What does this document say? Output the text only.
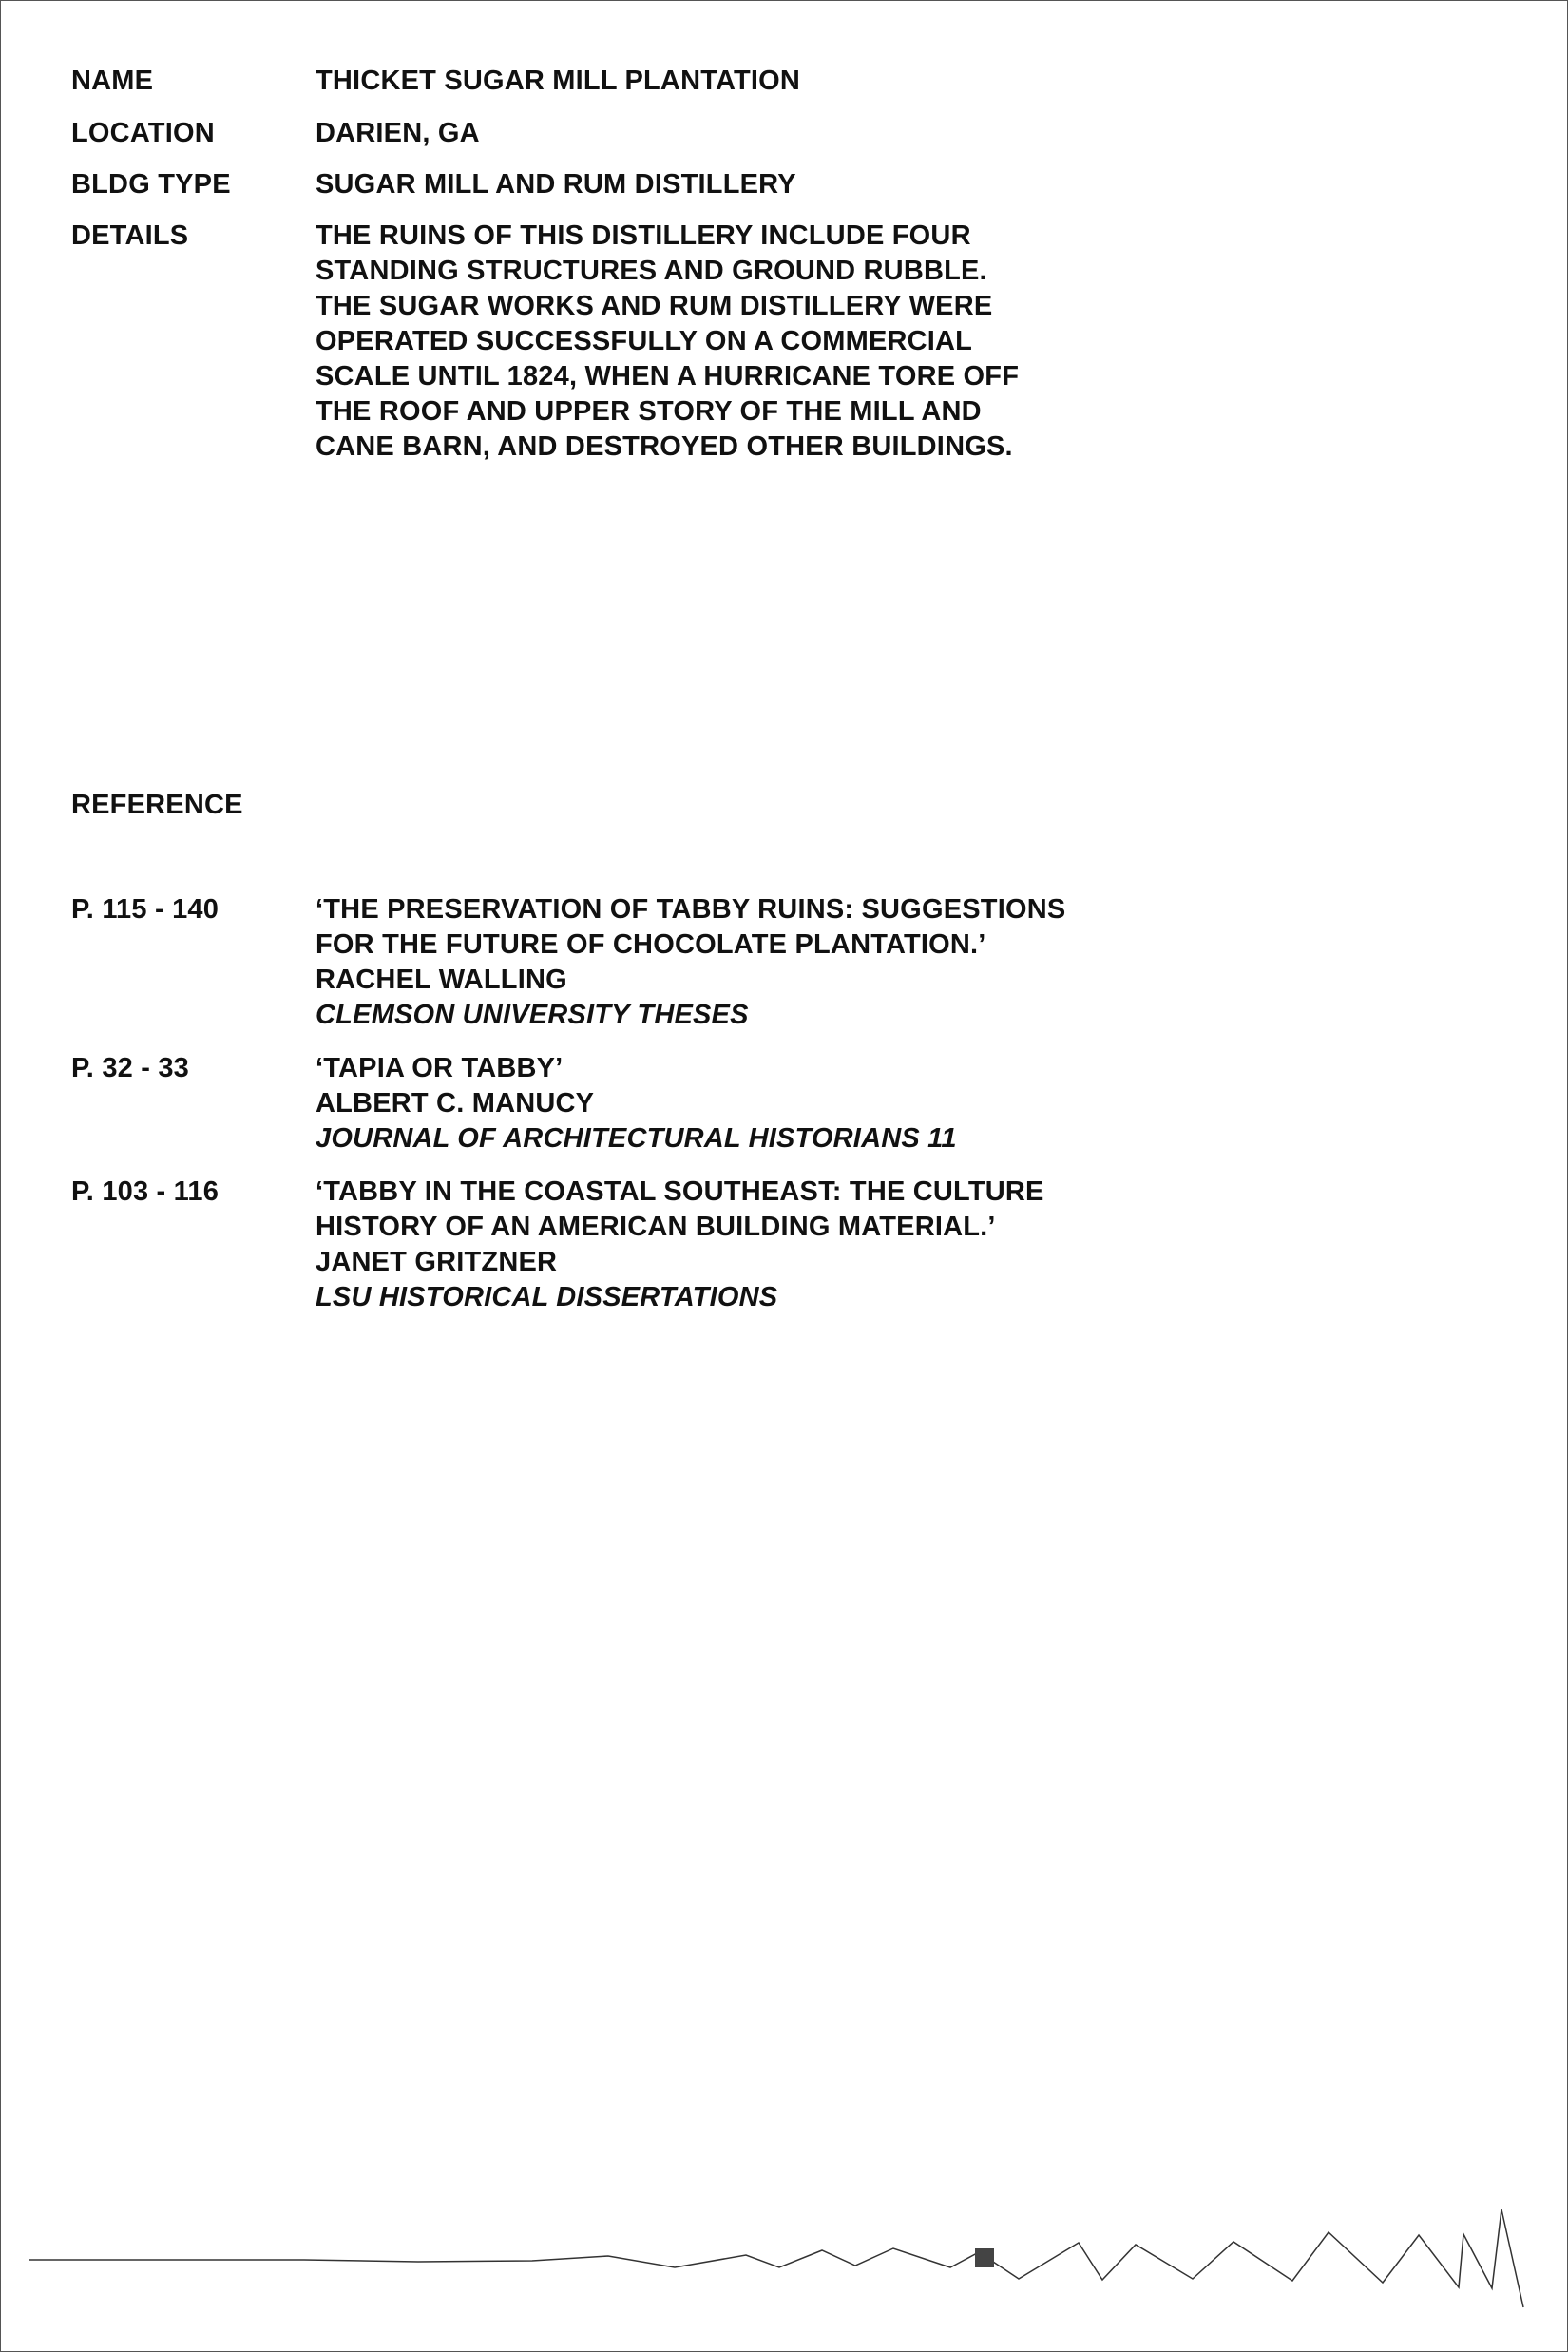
NAME	THICKET SUGAR MILL PLANTATION
LOCATION	DARIEN, GA
BLDG TYPE	SUGAR MILL AND RUM DISTILLERY
DETAILS	THE RUINS OF THIS DISTILLERY INCLUDE FOUR
STANDING STRUCTURES AND GROUND RUBBLE.
THE SUGAR WORKS AND RUM DISTILLERY WERE
OPERATED SUCCESSFULLY ON A COMMERCIAL
SCALE UNTIL 1824, WHEN A HURRICANE TORE OFF
THE ROOF AND UPPER STORY OF THE MILL AND
CANE BARN, AND DESTROYED OTHER BUILDINGS.
REFERENCE
P. 115 - 140	‘THE PRESERVATION OF TABBY RUINS: SUGGESTIONS
FOR THE FUTURE OF CHOCOLATE PLANTATION.’
RACHEL WALLING
CLEMSON UNIVERSITY THESES
P. 32 - 33	‘TAPIA OR TABBY’
ALBERT C. MANUCY
JOURNAL OF ARCHITECTURAL HISTORIANS 11
P. 103 - 116	‘TABBY IN THE COASTAL SOUTHEAST: THE CULTURE
HISTORY OF AN AMERICAN BUILDING MATERIAL.’
JANET GRITZNER
LSU HISTORICAL DISSERTATIONS
